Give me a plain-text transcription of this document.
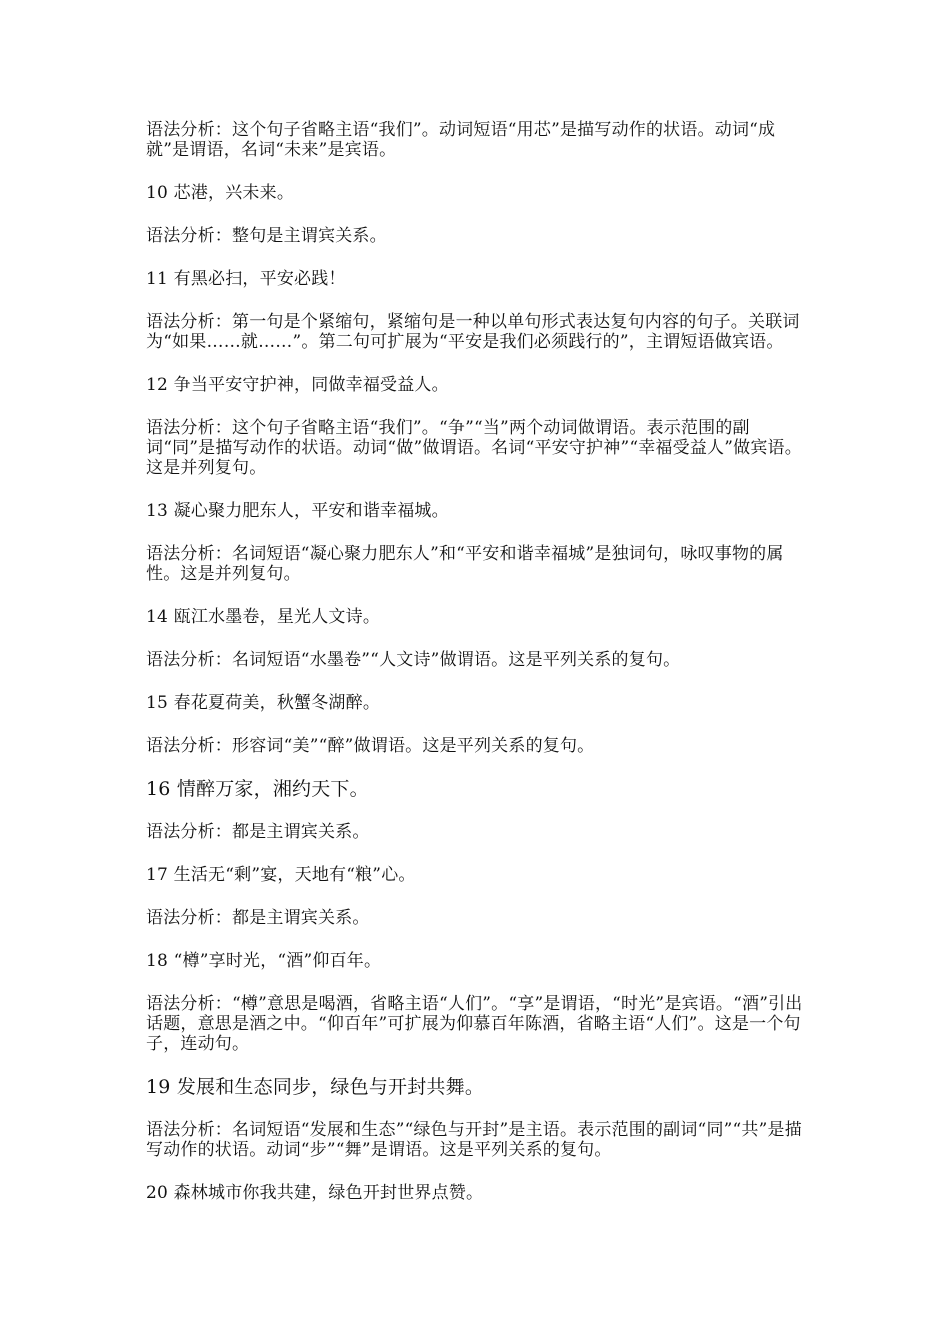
语法分析：这个句子省略主语“我们”。动词短语“用芯”是描写动作的状语。动词“成就”是谓语，名词“未来”是宾语。

10 芯港，兴未来。

语法分析：整句是主谓宾关系。

11 有黑必扫，平安必践！

语法分析：第一句是个紧缩句，紧缩句是一种以单句形式表达复句内容的句子。关联词为“如果……就……”。第二句可扩展为“平安是我们必须践行的”，主谓短语做宾语。

12 争当平安守护神，同做幸福受益人。

语法分析：这个句子省略主语“我们”。“争”“当”两个动词做谓语。表示范围的副词“同”是描写动作的状语。动词“做”做谓语。名词“平安守护神”“幸福受益人”做宾语。这是并列复句。

13 凝心聚力肥东人，平安和谐幸福城。

语法分析：名词短语“凝心聚力肥东人”和“平安和谐幸福城”是独词句，咏叹事物的属性。这是并列复句。

14 瓯江水墨卷，星光人文诗。

语法分析：名词短语“水墨卷”“人文诗”做谓语。这是平列关系的复句。

15 春花夏荷美，秋蟹冬湖醉。

语法分析：形容词“美”“醉”做谓语。这是平列关系的复句。

16 情醉万家，湘约天下。

语法分析：都是主谓宾关系。

17 生活无“剩”宴，天地有“粮”心。

语法分析：都是主谓宾关系。

18 “樽”享时光，“酒”仰百年。

语法分析：“樽”意思是喝酒，省略主语“人们”。“享”是谓语，“时光”是宾语。“酒”引出话题，意思是酒之中。“仰百年”可扩展为仰慕百年陈酒，省略主语“人们”。这是一个句子，连动句。

19 发展和生态同步，绿色与开封共舞。

语法分析：名词短语“发展和生态”“绿色与开封”是主语。表示范围的副词“同”“共”是描写动作的状语。动词“步”“舞”是谓语。这是平列关系的复句。

20 森林城市你我共建，绿色开封世界点赞。
